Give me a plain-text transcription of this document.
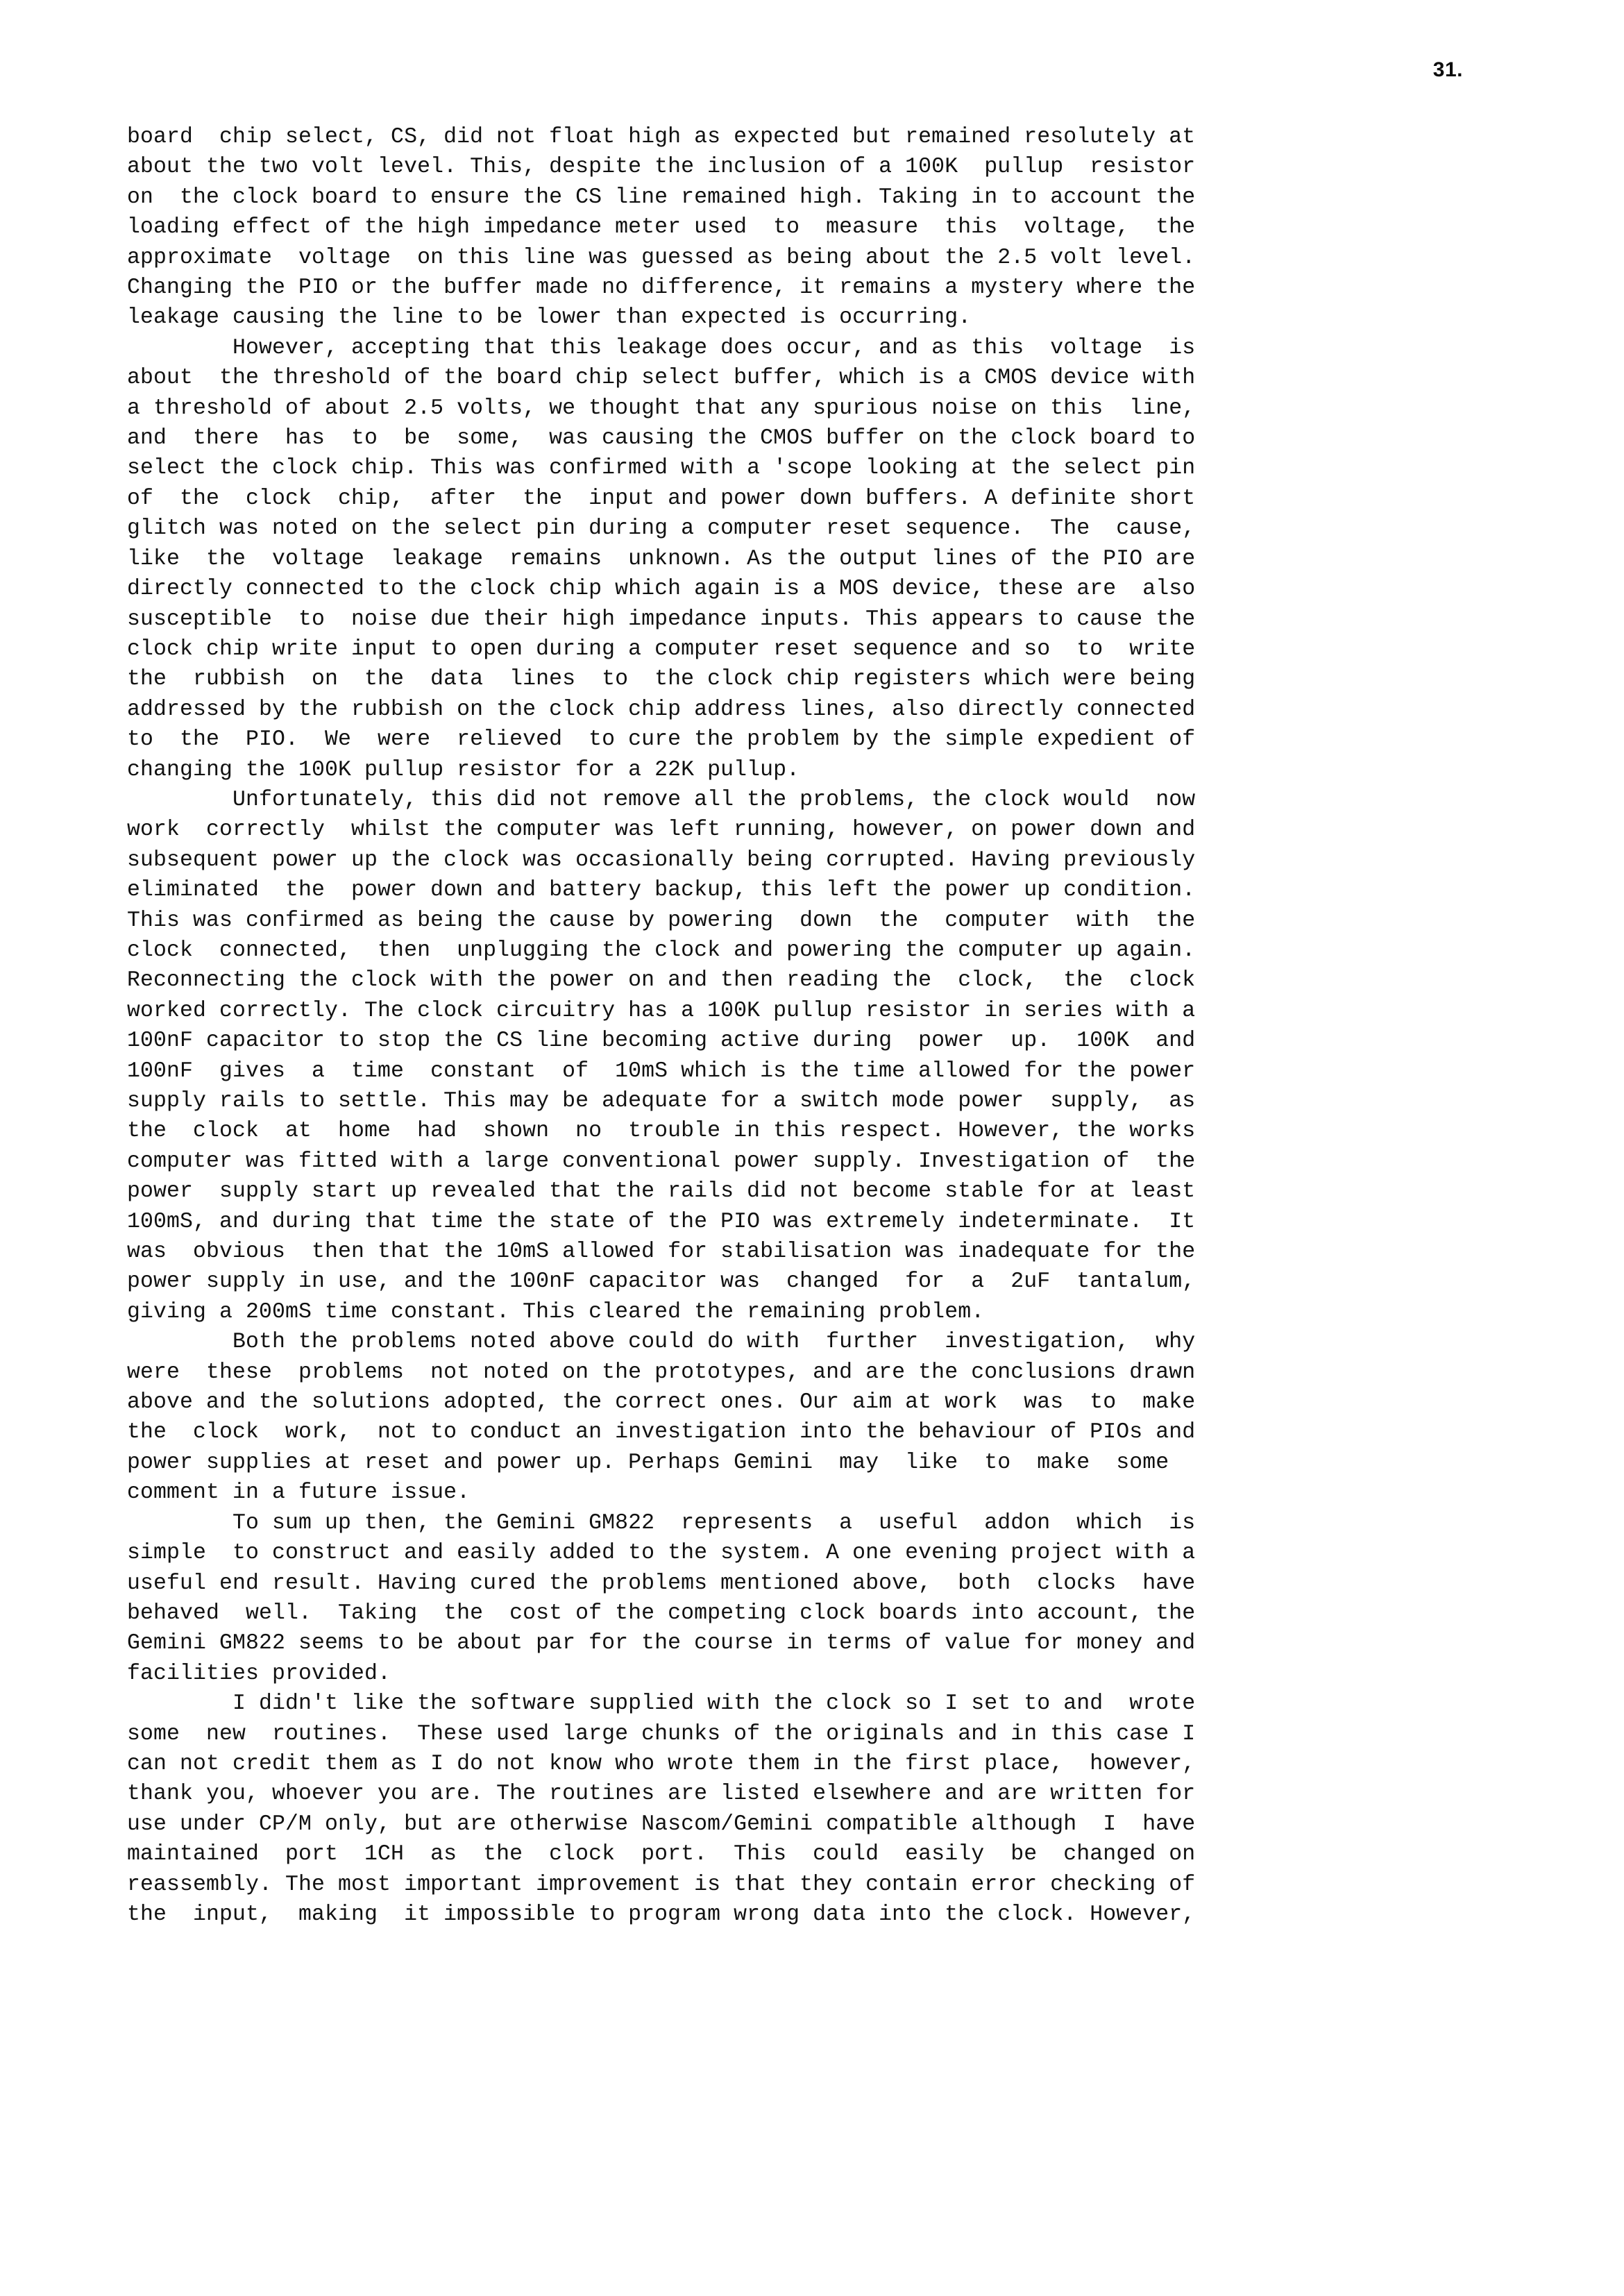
31.
board  chip select, CS, did not float high as expected but remained resolutely at
about the two volt level. This, despite the inclusion of a 100K  pullup  resistor
on  the clock board to ensure the CS line remained high. Taking in to account the
loading effect of the high impedance meter used  to  measure  this  voltage,  the
approximate  voltage  on this line was guessed as being about the 2.5 volt level.
Changing the PIO or the buffer made no difference, it remains a mystery where the
leakage causing the line to be lower than expected is occurring.
However, accepting that this leakage does occur, and as this  voltage  is
about  the threshold of the board chip select buffer, which is a CMOS device with
a threshold of about 2.5 volts, we thought that any spurious noise on this  line,
and  there  has  to  be  some,  was causing the CMOS buffer on the clock board to
select the clock chip. This was confirmed with a 'scope looking at the select pin
of  the  clock  chip,  after  the  input and power down buffers. A definite short
glitch was noted on the select pin during a computer reset sequence.  The  cause,
like  the  voltage  leakage  remains  unknown. As the output lines of the PIO are
directly connected to the clock chip which again is a MOS device, these are  also
susceptible  to  noise due their high impedance inputs. This appears to cause the
clock chip write input to open during a computer reset sequence and so  to  write
the  rubbish  on  the  data  lines  to  the clock chip registers which were being
addressed by the rubbish on the clock chip address lines, also directly connected
to  the  PIO.  We  were  relieved  to cure the problem by the simple expedient of
changing the 100K pullup resistor for a 22K pullup.
Unfortunately, this did not remove all the problems, the clock would  now
work  correctly  whilst the computer was left running, however, on power down and
subsequent power up the clock was occasionally being corrupted. Having previously
eliminated  the  power down and battery backup, this left the power up condition.
This was confirmed as being the cause by powering  down  the  computer  with  the
clock  connected,  then  unplugging the clock and powering the computer up again.
Reconnecting the clock with the power on and then reading the  clock,  the  clock
worked correctly. The clock circuitry has a 100K pullup resistor in series with a
100nF capacitor to stop the CS line becoming active during  power  up.  100K  and
100nF  gives  a  time  constant  of  10mS which is the time allowed for the power
supply rails to settle. This may be adequate for a switch mode power  supply,  as
the  clock  at  home  had  shown  no  trouble in this respect. However, the works
computer was fitted with a large conventional power supply. Investigation of  the
power  supply start up revealed that the rails did not become stable for at least
100mS, and during that time the state of the PIO was extremely indeterminate.  It
was  obvious  then that the 10mS allowed for stabilisation was inadequate for the
power supply in use, and the 100nF capacitor was  changed  for  a  2uF  tantalum,
giving a 200mS time constant. This cleared the remaining problem.
Both the problems noted above could do with  further  investigation,  why
were  these  problems  not noted on the prototypes, and are the conclusions drawn
above and the solutions adopted, the correct ones. Our aim at work  was  to  make
the  clock  work,  not to conduct an investigation into the behaviour of PIOs and
power supplies at reset and power up. Perhaps Gemini  may  like  to  make  some
comment in a future issue.
To sum up then, the Gemini GM822  represents  a  useful  addon  which  is
simple  to construct and easily added to the system. A one evening project with a
useful end result. Having cured the problems mentioned above,  both  clocks  have
behaved  well.  Taking  the  cost of the competing clock boards into account, the
Gemini GM822 seems to be about par for the course in terms of value for money and
facilities provided.
I didn't like the software supplied with the clock so I set to and  wrote
some  new  routines.  These used large chunks of the originals and in this case I
can not credit them as I do not know who wrote them in the first place,  however,
thank you, whoever you are. The routines are listed elsewhere and are written for
use under CP/M only, but are otherwise Nascom/Gemini compatible although  I  have
maintained  port  1CH  as  the  clock  port.  This  could  easily  be  changed on
reassembly. The most important improvement is that they contain error checking of
the  input,  making  it impossible to program wrong data into the clock. However,
